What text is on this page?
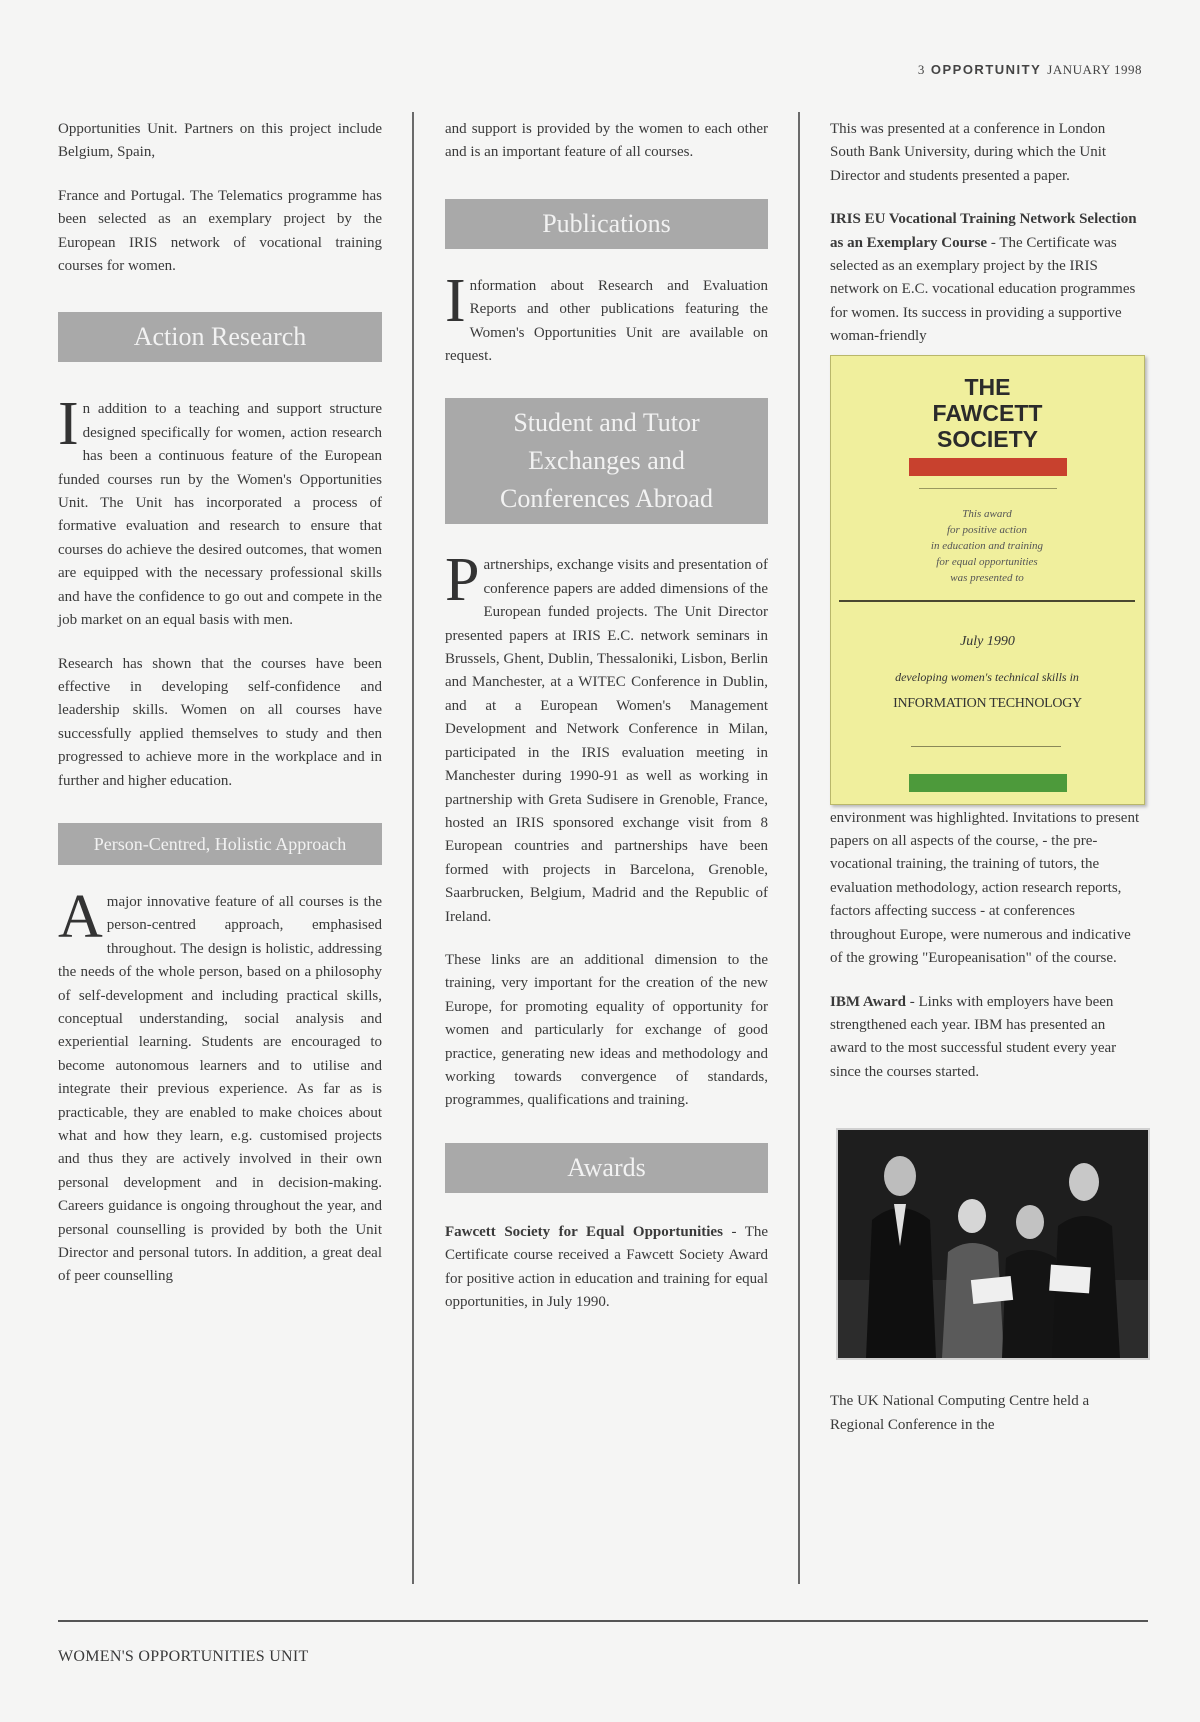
3 OPPORTUNITY JANUARY 1998

Opportunities Unit. Partners on this project include Belgium, Spain,

France and Portugal. The Telematics programme has been selected as an exemplary project by the European IRIS network of vocational training courses for women.

Action Research

In addition to a teaching and support structure designed specifically for women, action research has been a continuous feature of the European funded courses run by the Women's Opportunities Unit. The Unit has incorporated a process of formative evaluation and research to ensure that courses do achieve the desired outcomes, that women are equipped with the necessary professional skills and have the confidence to go out and compete in the job market on an equal basis with men.

Research has shown that the courses have been effective in developing self-confidence and leadership skills. Women on all courses have successfully applied themselves to study and then progressed to achieve more in the workplace and in further and higher education.

Person-Centred, Holistic Approach

Amajor innovative feature of all courses is the person-centred approach, emphasised throughout. The design is holistic, addressing the needs of the whole person, based on a philosophy of self-development and including practical skills, conceptual understanding, social analysis and experiential learning. Students are encouraged to become autonomous learners and to utilise and integrate their previous experience. As far as is practicable, they are enabled to make choices about what and how they learn, e.g. customised projects and thus they are actively involved in their own personal development and in decision-making. Careers guidance is ongoing throughout the year, and personal counselling is provided by both the Unit Director and personal tutors. In addition, a great deal of peer counselling

and support is provided by the women to each other and is an important feature of all courses.

Publications

Information about Research and Evaluation Reports and other publications featuring the Women's Opportunities Unit are available on request.

Student and Tutor
Exchanges and
Conferences Abroad

Partnerships, exchange visits and presentation of conference papers are added dimensions of the European funded projects. The Unit Director presented papers at IRIS E.C. network seminars in Brussels, Ghent, Dublin, Thessaloniki, Lisbon, Berlin and Manchester, at a WITEC Conference in Dublin, and at a European Women's Management Development and Network Conference in Milan, participated in the IRIS evaluation meeting in Manchester during 1990-91 as well as working in partnership with Greta Sudisere in Grenoble, France, hosted an IRIS sponsored exchange visit from 8 European countries and partnerships have been formed with projects in Barcelona, Grenoble, Saarbrucken, Belgium, Madrid and the Republic of Ireland.

These links are an additional dimension to the training, very important for the creation of the new Europe, for promoting equality of opportunity for women and particularly for exchange of good practice, generating new ideas and methodology and working towards convergence of standards, programmes, qualifications and training.

Awards

Fawcett Society for Equal Opportunities - The Certificate course received a Fawcett Society Award for positive action in education and training for equal opportunities, in July 1990.

This was presented at a conference in London South Bank University, during which the Unit Director and students presented a paper.

IRIS EU Vocational Training Network Selection as an Exemplary Course - The Certificate was selected as an exemplary project by the IRIS network on E.C. vocational education programmes for women. Its success in providing a supportive woman-friendly

THE
FAWCETT
SOCIETY
This award
for positive action
in education and training
for equal opportunities
was presented to
July 1990
developing women's technical skills in
INFORMATION TECHNOLOGY

environment was highlighted. Invitations to present papers on all aspects of the course, - the pre-vocational training, the training of tutors, the evaluation methodology, action research reports, factors affecting success - at conferences throughout Europe, were numerous and indicative of the growing "Europeanisation" of the course.

IBM Award - Links with employers have been strengthened each year. IBM has presented an award to the most successful student every year since the courses started.

The UK National Computing Centre held a Regional Conference in the

WOMEN'S OPPORTUNITIES UNIT
